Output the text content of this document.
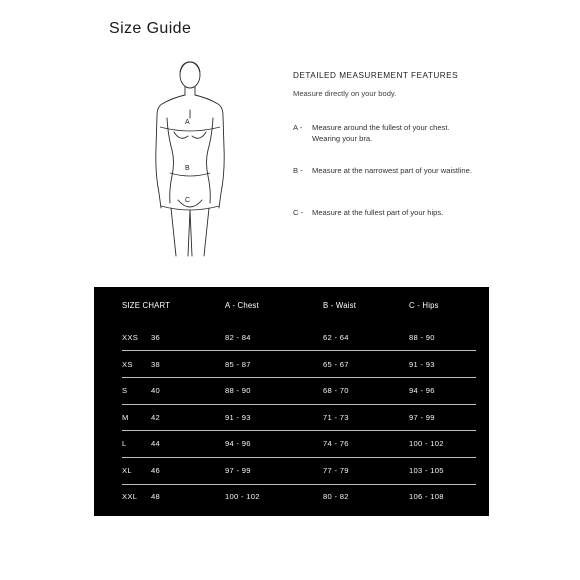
Size Guide
A
B
C
DETAILED MEASUREMENT FEATURES
Measure directly on your body.
A - Measure around the fullest of your chest. Wearing your bra.
B - Measure at the narrowest part of your waistline.
C - Measure at the fullest part of your hips.
SIZE CHART	A - Chest	B - Waist	C - Hips
XXS 36	82 - 84	62 - 64	88 - 90
XS 38	85 - 87	65 - 67	91 - 93
S	40	88 - 90	68 - 70	94 - 96
M	42	91 - 93	71 - 73	97 - 99
L	44	94 - 96	74 - 76	100 - 102
XL	46	97 - 99	77 - 79	103 - 105
XXL 48	100 - 102	80 - 82	106 - 108
